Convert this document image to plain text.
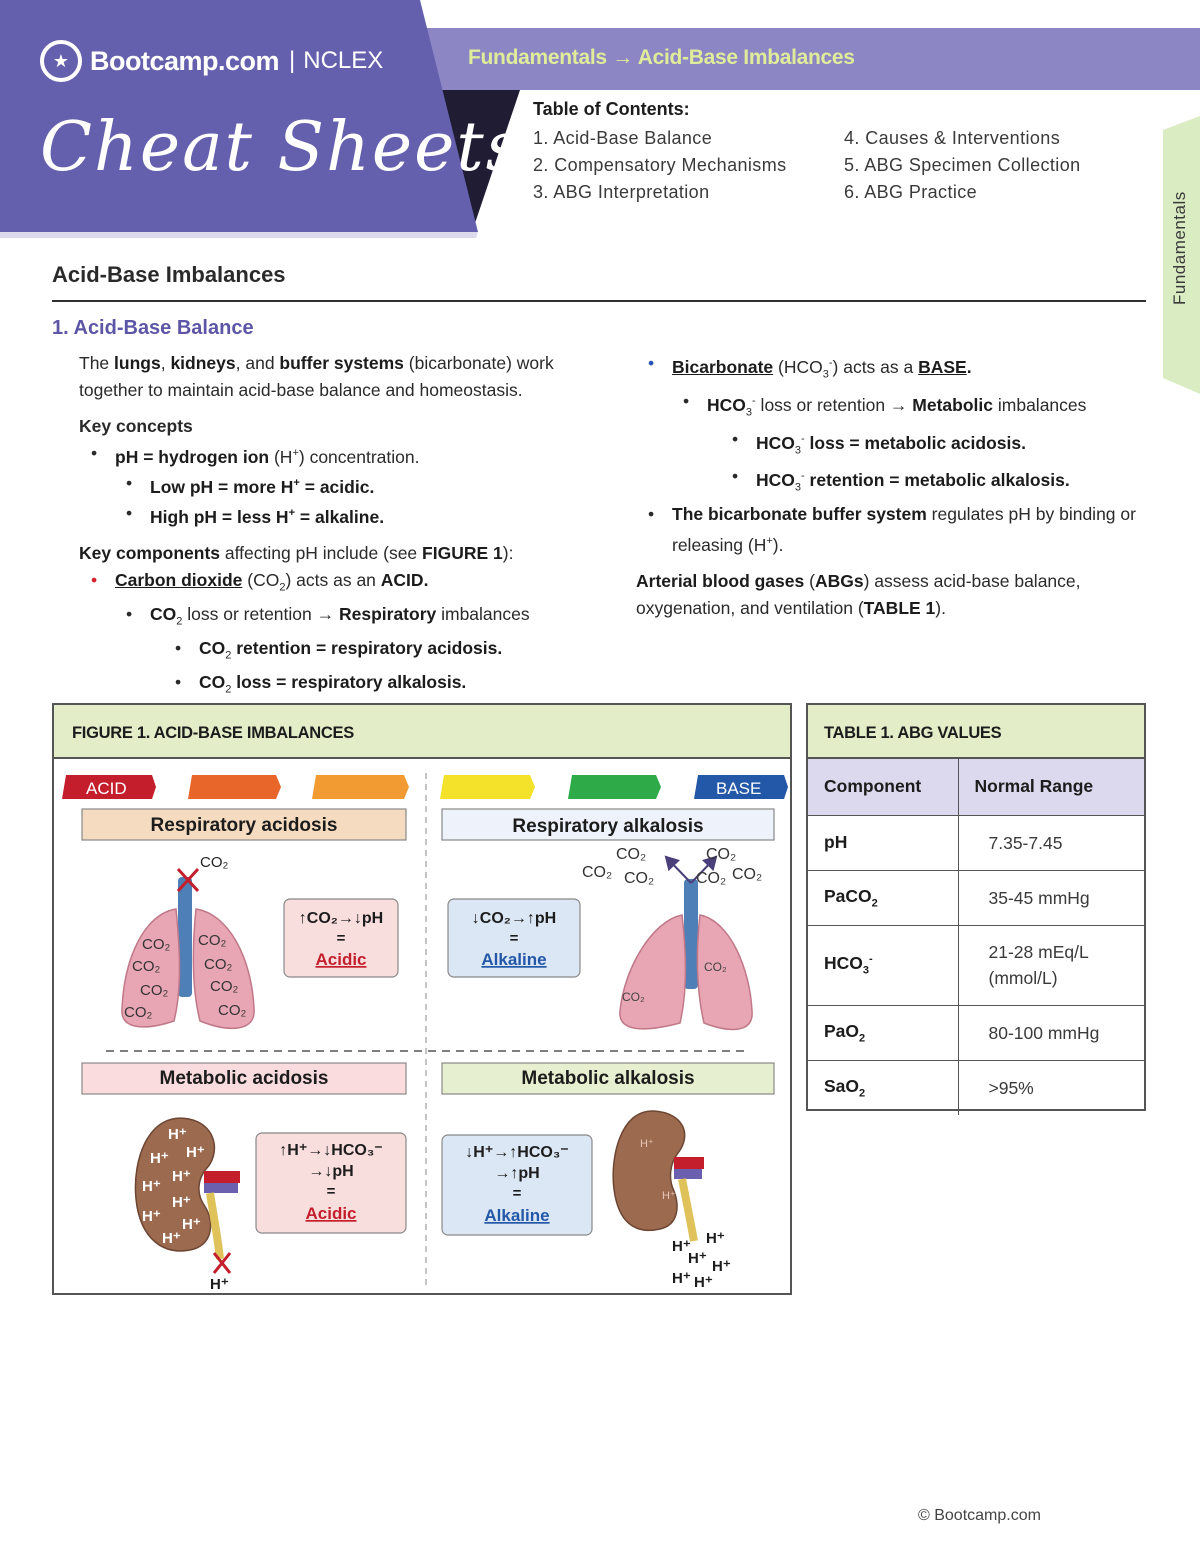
★ Bootcamp.com | NCLEX
Cheat Sheets
Fundamentals → Acid-Base Imbalances
Table of Contents:
1. Acid-Base Balance
2. Compensatory Mechanisms
3. ABG Interpretation
4. Causes & Interventions
5. ABG Specimen Collection
6. ABG Practice	Fundamentals
Acid-Base Imbalances
1. Acid-Base Balance
The lungs, kidneys, and buffer systems (bicarbonate) work together to maintain acid-base balance and homeostasis.
Key concepts
• pH = hydrogen ion (H+) concentration.
• Low pH = more H+ = acidic.
• High pH = less H+ = alkaline.
Key components affecting pH include (see FIGURE 1):
• Carbon dioxide $(CO_2)$ acts as an ACID.
• $CO_2$ loss or retention → Respiratory imbalances
• $CO_2$ retention = respiratory acidosis.
• $CO_2$ loss = respiratory alkalosis.
• Bicarbonate $(HCO_3^-)$ acts as a BASE.
• $HCO_3^-$ loss or retention → Metabolic imbalances
• $HCO_3^-$ loss = metabolic acidosis.
• $HCO_3^-$ retention = metabolic alkalosis.
• The bicarbonate buffer system regulates pH by binding or releasing (H+).
Arterial blood gases (ABGs) assess acid-base balance, oxygenation, and ventilation (TABLE 1).
FIGURE 1. ACID-BASE IMBALANCES
ACID	BASE
Respiratory acidosis
CO₂
CO₂
CO₂
CO₂
CO₂
CO₂
CO₂
CO₂
CO₂
↑CO₂→↓pH
=
Acidic
Respiratory alkalosis
↓CO₂→↑pH
=
Alkaline
CO₂
CO₂ CO₂
CO₂
CO₂ CO₂
CO₂
CO₂
Metabolic acidosis
H⁺
H⁺
H⁺
H⁺
H⁺
H⁺
H⁺ H⁺
H⁺
H⁺
↑H⁺→↓HCO₃⁻
→↓pH
=
Acidic
Metabolic alkalosis
↓H⁺→↑HCO₃⁻
→↑pH
=
Alkaline
H⁺
H⁺
H⁺ H⁺
H⁺ H⁺
H⁺ H⁺
TABLE 1. ABG VALUES
Component	Normal Range
pH	7.35-7.45
PaCO$_2$	35-45 mmHg
$HCO_3^-$	21-28 mEq/L (mmol/L)
PaO$_2$	80-100 mmHg
SaO$_2$	>95%
© Bootcamp.com
